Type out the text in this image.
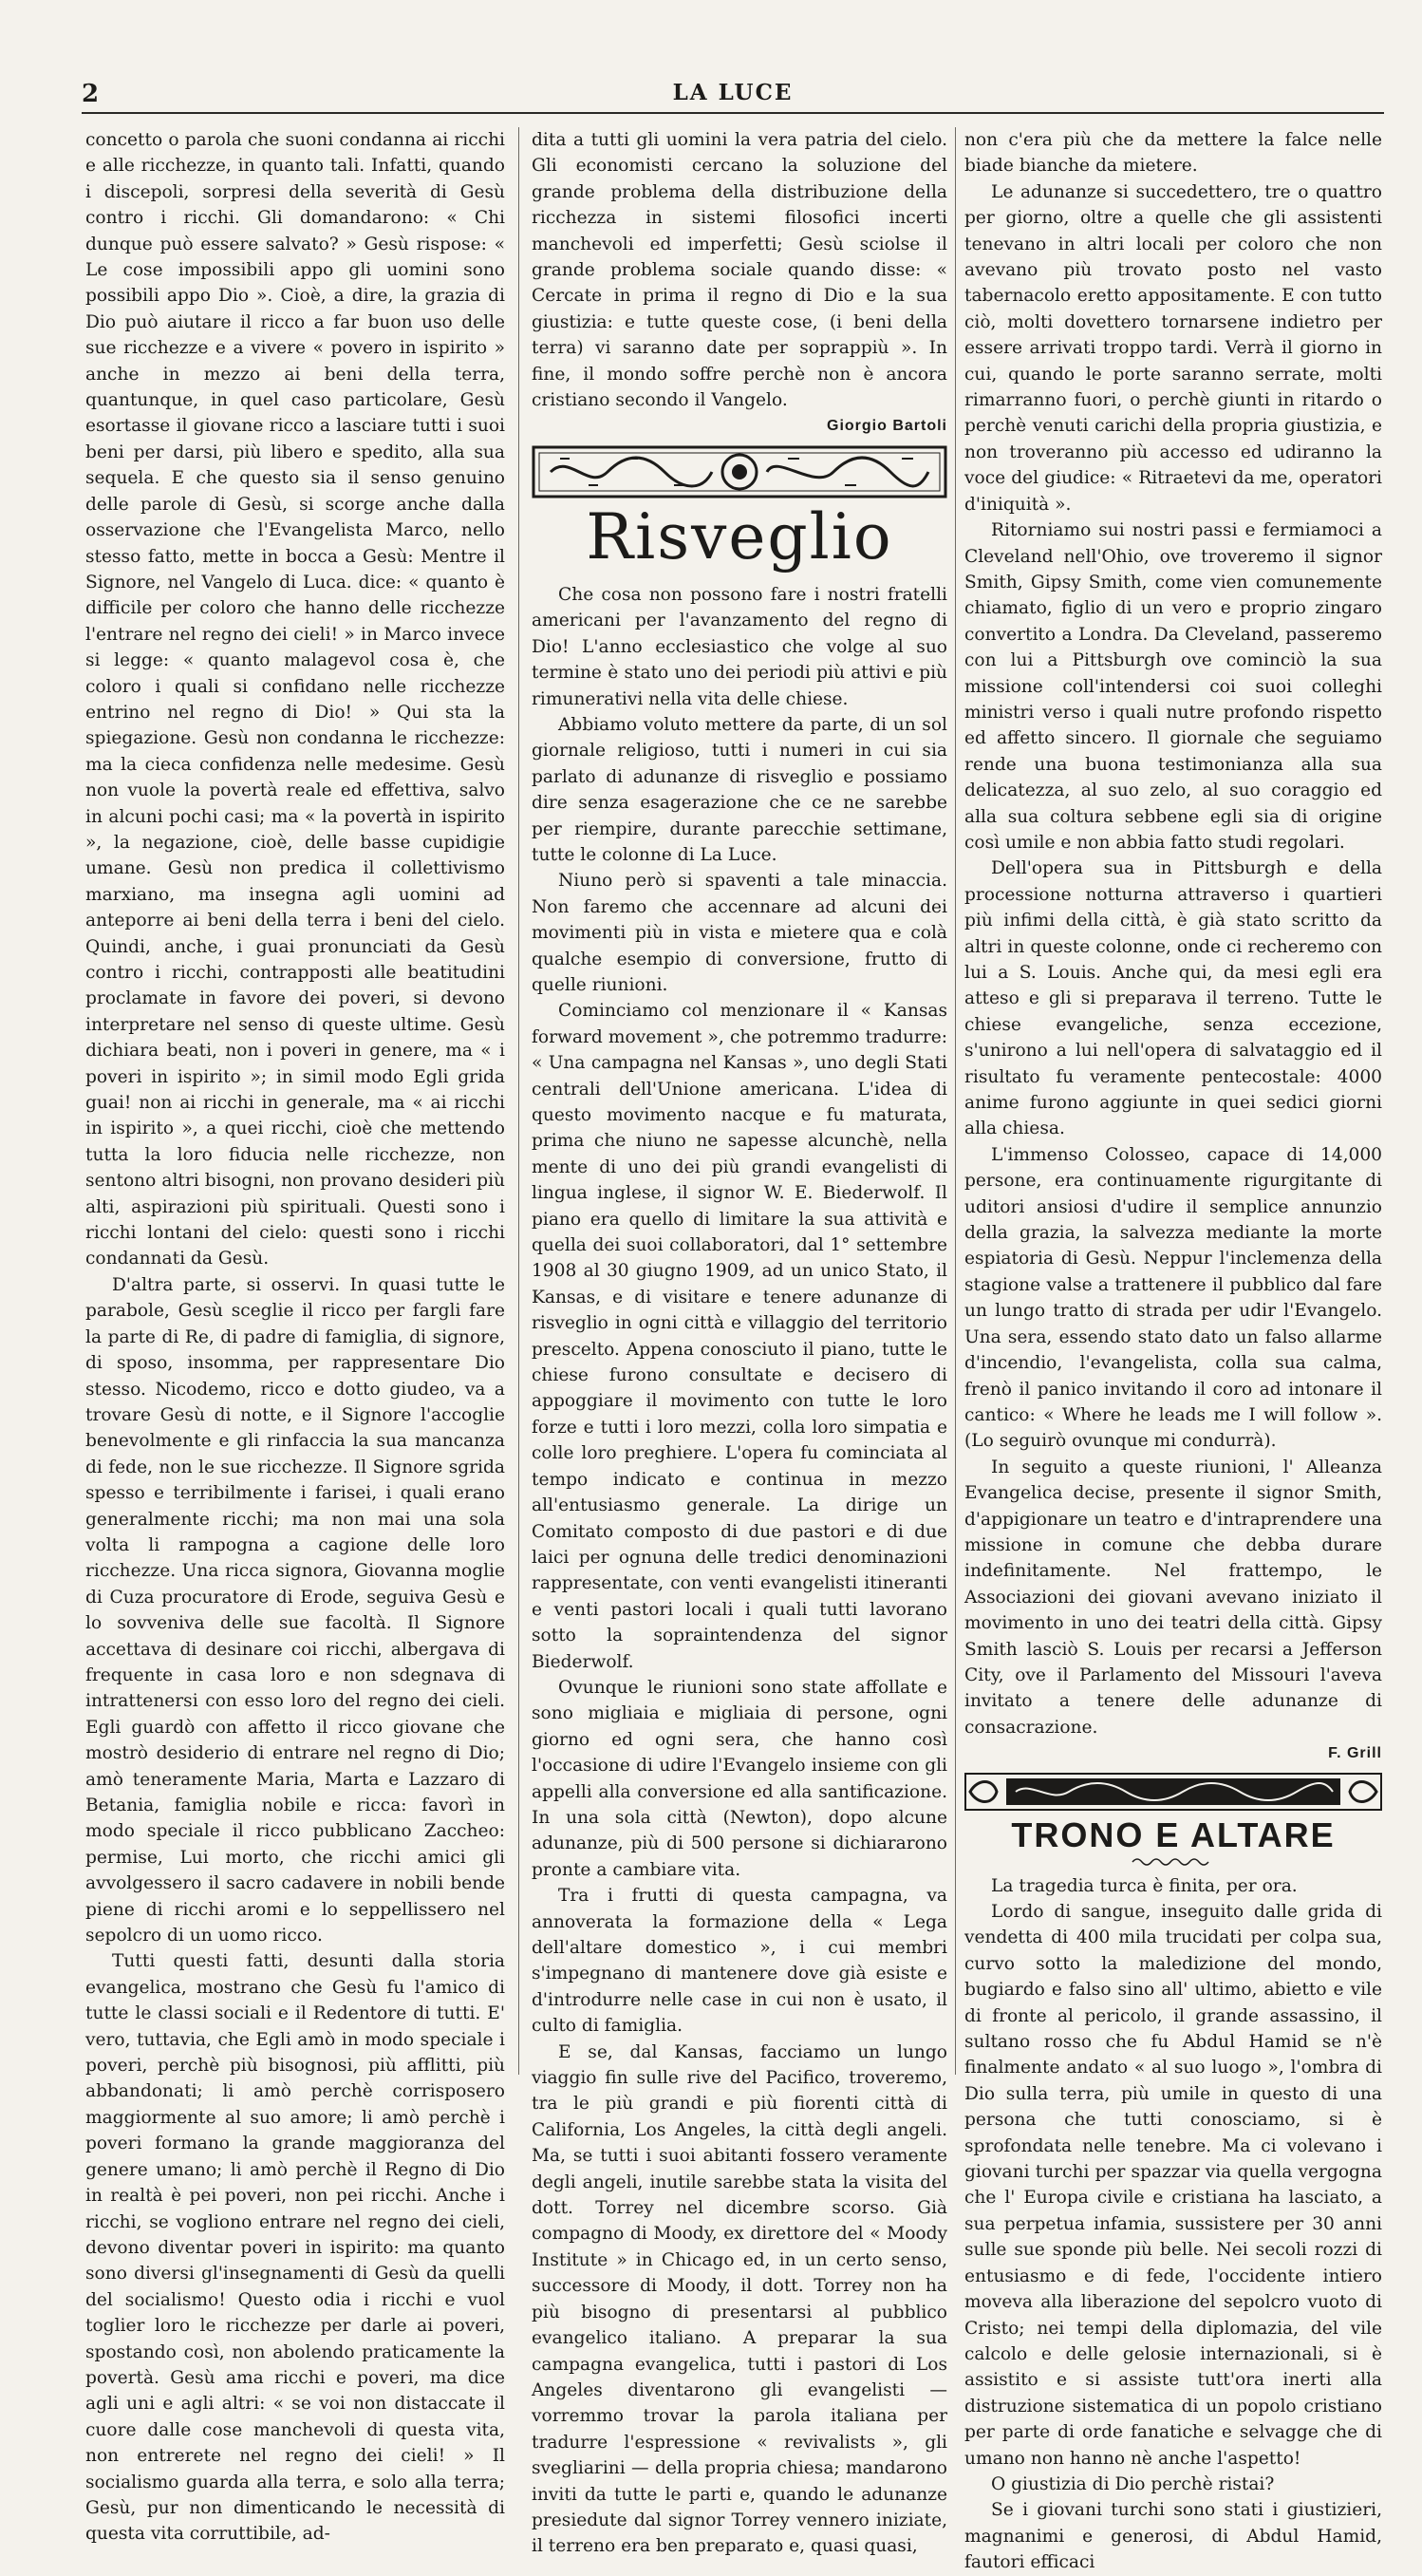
2	LA LUCE

concetto o parola che suoni condanna ai ricchi e alle ricchezze, in quanto tali. Infatti, quando i discepoli, sorpresi della severità di Gesù contro i ricchi. Gli domandarono: « Chi dunque può essere salvato? » Gesù rispose: « Le cose impossibili appo gli uomini sono possibili appo Dio ». Cioè, a dire, la grazia di Dio può aiutare il ricco a far buon uso delle sue ricchezze e a vivere « povero in ispirito » anche in mezzo ai beni della terra, quantunque, in quel caso particolare, Gesù esortasse il giovane ricco a lasciare tutti i suoi beni per darsi, più libero e spedito, alla sua sequela. E che questo sia il senso genuino delle parole di Gesù, si scorge anche dalla osservazione che l'Evangelista Marco, nello stesso fatto, mette in bocca a Gesù: Mentre il Signore, nel Vangelo di Luca. dice: « quanto è difficile per coloro che hanno delle ricchezze l'entrare nel regno dei cieli! » in Marco invece si legge: « quanto malagevol cosa è, che coloro i quali si confidano nelle ricchezze entrino nel regno di Dio! » Qui sta la spiegazione. Gesù non condanna le ricchezze: ma la cieca confidenza nelle medesime. Gesù non vuole la povertà reale ed effettiva, salvo in alcuni pochi casi; ma « la povertà in ispirito », la negazione, cioè, delle basse cupidigie umane. Gesù non predica il collettivismo marxiano, ma insegna agli uomini ad anteporre ai beni della terra i beni del cielo. Quindi, anche, i guai pronunciati da Gesù contro i ricchi, contrapposti alle beatitudini proclamate in favore dei poveri, si devono interpretare nel senso di queste ultime. Gesù dichiara beati, non i poveri in genere, ma « i poveri in ispirito »; in simil modo Egli grida guai! non ai ricchi in generale, ma « ai ricchi in ispirito », a quei ricchi, cioè che mettendo tutta la loro fiducia nelle ricchezze, non sentono altri bisogni, non provano desideri più alti, aspirazioni più spirituali. Questi sono i ricchi lontani del cielo: questi sono i ricchi condannati da Gesù.

D'altra parte, si osservi. In quasi tutte le parabole, Gesù sceglie il ricco per fargli fare la parte di Re, di padre di famiglia, di signore, di sposo, insomma, per rappresentare Dio stesso. Nicodemo, ricco e dotto giudeo, va a trovare Gesù di notte, e il Signore l'accoglie benevolmente e gli rinfaccia la sua mancanza di fede, non le sue ricchezze. Il Signore sgrida spesso e terribilmente i farisei, i quali erano generalmente ricchi; ma non mai una sola volta li rampogna a cagione delle loro ricchezze. Una ricca signora, Giovanna moglie di Cuza procuratore di Erode, seguiva Gesù e lo sovveniva delle sue facoltà. Il Signore accettava di desinare coi ricchi, albergava di frequente in casa loro e non sdegnava di intrattenersi con esso loro del regno dei cieli. Egli guardò con affetto il ricco giovane che mostrò desiderio di entrare nel regno di Dio; amò teneramente Maria, Marta e Lazzaro di Betania, famiglia nobile e ricca: favorì in modo speciale il ricco pubblicano Zaccheo: permise, Lui morto, che ricchi amici gli avvolgessero il sacro cadavere in nobili bende piene di ricchi aromi e lo seppellissero nel sepolcro di un uomo ricco.

Tutti questi fatti, desunti dalla storia evangelica, mostrano che Gesù fu l'amico di tutte le classi sociali e il Redentore di tutti. E' vero, tuttavia, che Egli amò in modo speciale i poveri, perchè più bisognosi, più afflitti, più abbandonati; li amò perchè corrisposero maggiormente al suo amore; li amò perchè i poveri formano la grande maggioranza del genere umano; li amò perchè il Regno di Dio in realtà è pei poveri, non pei ricchi. Anche i ricchi, se vogliono entrare nel regno dei cieli, devono diventar poveri in ispirito: ma quanto sono diversi gl'insegnamenti di Gesù da quelli del socialismo! Questo odia i ricchi e vuol toglier loro le ricchezze per darle ai poveri, spostando così, non abolendo praticamente la povertà. Gesù ama ricchi e poveri, ma dice agli uni e agli altri: « se voi non distaccate il cuore dalle cose manchevoli di questa vita, non entrerete nel regno dei cieli! » Il socialismo guarda alla terra, e solo alla terra; Gesù, pur non dimenticando le necessità di questa vita corruttibile, ad-

dita a tutti gli uomini la vera patria del cielo. Gli economisti cercano la soluzione del grande problema della distribuzione della ricchezza in sistemi filosofici incerti manchevoli ed imperfetti; Gesù sciolse il grande problema sociale quando disse: « Cercate in prima il regno di Dio e la sua giustizia: e tutte queste cose, (i beni della terra) vi saranno date per soprappiù ». In fine, il mondo soffre perchè non è ancora cristiano secondo il Vangelo.

Giorgio Bartoli

Risveglio

Che cosa non possono fare i nostri fratelli americani per l'avanzamento del regno di Dio! L'anno ecclesiastico che volge al suo termine è stato uno dei periodi più attivi e più rimunerativi nella vita delle chiese.

Abbiamo voluto mettere da parte, di un sol giornale religioso, tutti i numeri in cui sia parlato di adunanze di risveglio e possiamo dire senza esagerazione che ce ne sarebbe per riempire, durante parecchie settimane, tutte le colonne di La Luce.

Niuno però si spaventi a tale minaccia. Non faremo che accennare ad alcuni dei movimenti più in vista e mietere qua e colà qualche esempio di conversione, frutto di quelle riunioni.

Cominciamo col menzionare il « Kansas forward movement », che potremmo tradurre: « Una campagna nel Kansas », uno degli Stati centrali dell'Unione americana. L'idea di questo movimento nacque e fu maturata, prima che niuno ne sapesse alcunchè, nella mente di uno dei più grandi evangelisti di lingua inglese, il signor W. E. Biederwolf. Il piano era quello di limitare la sua attività e quella dei suoi collaboratori, dal 1° settembre 1908 al 30 giugno 1909, ad un unico Stato, il Kansas, e di visitare e tenere adunanze di risveglio in ogni città e villaggio del territorio prescelto. Appena conosciuto il piano, tutte le chiese furono consultate e decisero di appoggiare il movimento con tutte le loro forze e tutti i loro mezzi, colla loro simpatia e colle loro preghiere. L'opera fu cominciata al tempo indicato e continua in mezzo all'entusiasmo generale. La dirige un Comitato composto di due pastori e di due laici per ognuna delle tredici denominazioni rappresentate, con venti evangelisti itineranti e venti pastori locali i quali tutti lavorano sotto la sopraintendenza del signor Biederwolf.

Ovunque le riunioni sono state affollate e sono migliaia e migliaia di persone, ogni giorno ed ogni sera, che hanno così l'occasione di udire l'Evangelo insieme con gli appelli alla conversione ed alla santificazione. In una sola città (Newton), dopo alcune adunanze, più di 500 persone si dichiararono pronte a cambiare vita.

Tra i frutti di questa campagna, va annoverata la formazione della « Lega dell'altare domestico », i cui membri s'impegnano di mantenere dove già esiste e d'introdurre nelle case in cui non è usato, il culto di famiglia.

E se, dal Kansas, facciamo un lungo viaggio fin sulle rive del Pacifico, troveremo, tra le più grandi e più fiorenti città di California, Los Angeles, la città degli angeli. Ma, se tutti i suoi abitanti fossero veramente degli angeli, inutile sarebbe stata la visita del dott. Torrey nel dicembre scorso. Già compagno di Moody, ex direttore del « Moody Institute » in Chicago ed, in un certo senso, successore di Moody, il dott. Torrey non ha più bisogno di presentarsi al pubblico evangelico italiano. A preparar la sua campagna evangelica, tutti i pastori di Los Angeles diventarono gli evangelisti — vorremmo trovar la parola italiana per tradurre l'espressione « revivalists », gli svegliarini — della propria chiesa; mandarono inviti da tutte le parti e, quando le adunanze presiedute dal signor Torrey vennero iniziate, il terreno era ben preparato e, quasi quasi,

non c'era più che da mettere la falce nelle biade bianche da mietere.

Le adunanze si succedettero, tre o quattro per giorno, oltre a quelle che gli assistenti tenevano in altri locali per coloro che non avevano più trovato posto nel vasto tabernacolo eretto appositamente. E con tutto ciò, molti dovettero tornarsene indietro per essere arrivati troppo tardi. Verrà il giorno in cui, quando le porte saranno serrate, molti rimarranno fuori, o perchè giunti in ritardo o perchè venuti carichi della propria giustizia, e non troveranno più accesso ed udiranno la voce del giudice: « Ritraetevi da me, operatori d'iniquità ».

Ritorniamo sui nostri passi e fermiamoci a Cleveland nell'Ohio, ove troveremo il signor Smith, Gipsy Smith, come vien comunemente chiamato, figlio di un vero e proprio zingaro convertito a Londra. Da Cleveland, passeremo con lui a Pittsburgh ove cominciò la sua missione coll'intendersi coi suoi colleghi ministri verso i quali nutre profondo rispetto ed affetto sincero. Il giornale che seguiamo rende una buona testimonianza alla sua delicatezza, al suo zelo, al suo coraggio ed alla sua coltura sebbene egli sia di origine così umile e non abbia fatto studi regolari.

Dell'opera sua in Pittsburgh e della processione notturna attraverso i quartieri più infimi della città, è già stato scritto da altri in queste colonne, onde ci recheremo con lui a S. Louis. Anche qui, da mesi egli era atteso e gli si preparava il terreno. Tutte le chiese evangeliche, senza eccezione, s'unirono a lui nell'opera di salvataggio ed il risultato fu veramente pentecostale: 4000 anime furono aggiunte in quei sedici giorni alla chiesa.

L'immenso Colosseo, capace di 14,000 persone, era continuamente rigurgitante di uditori ansiosi d'udire il semplice annunzio della grazia, la salvezza mediante la morte espiatoria di Gesù. Neppur l'inclemenza della stagione valse a trattenere il pubblico dal fare un lungo tratto di strada per udir l'Evangelo. Una sera, essendo stato dato un falso allarme d'incendio, l'evangelista, colla sua calma, frenò il panico invitando il coro ad intonare il cantico: « Where he leads me I will follow ». (Lo seguirò ovunque mi condurrà).

In seguito a queste riunioni, l' Alleanza Evangelica decise, presente il signor Smith, d'appigionare un teatro e d'intraprendere una missione in comune che debba durare indefinitamente. Nel frattempo, le Associazioni dei giovani avevano iniziato il movimento in uno dei teatri della città. Gipsy Smith lasciò S. Louis per recarsi a Jefferson City, ove il Parlamento del Missouri l'aveva invitato a tenere delle adunanze di consacrazione.

F. Grill

TRONO E ALTARE

La tragedia turca è finita, per ora.

Lordo di sangue, inseguito dalle grida di vendetta di 400 mila trucidati per colpa sua, curvo sotto la maledizione del mondo, bugiardo e falso sino all' ultimo, abietto e vile di fronte al pericolo, il grande assassino, il sultano rosso che fu Abdul Hamid se n'è finalmente andato « al suo luogo », l'ombra di Dio sulla terra, più umile in questo di una persona che tutti conosciamo, si è sprofondata nelle tenebre. Ma ci volevano i giovani turchi per spazzar via quella vergogna che l' Europa civile e cristiana ha lasciato, a sua perpetua infamia, sussistere per 30 anni sulle sue sponde più belle. Nei secoli rozzi di entusiasmo e di fede, l'occidente intiero moveva alla liberazione del sepolcro vuoto di Cristo; nei tempi della diplomazia, del vile calcolo e delle gelosie internazionali, si è assistito e si assiste tutt'ora inerti alla distruzione sistematica di un popolo cristiano per parte di orde fanatiche e selvagge che di umano non hanno nè anche l'aspetto!

O giustizia di Dio perchè ristai?

Se i giovani turchi sono stati i giustizieri, magnanimi e generosi, di Abdul Hamid, fautori efficaci
